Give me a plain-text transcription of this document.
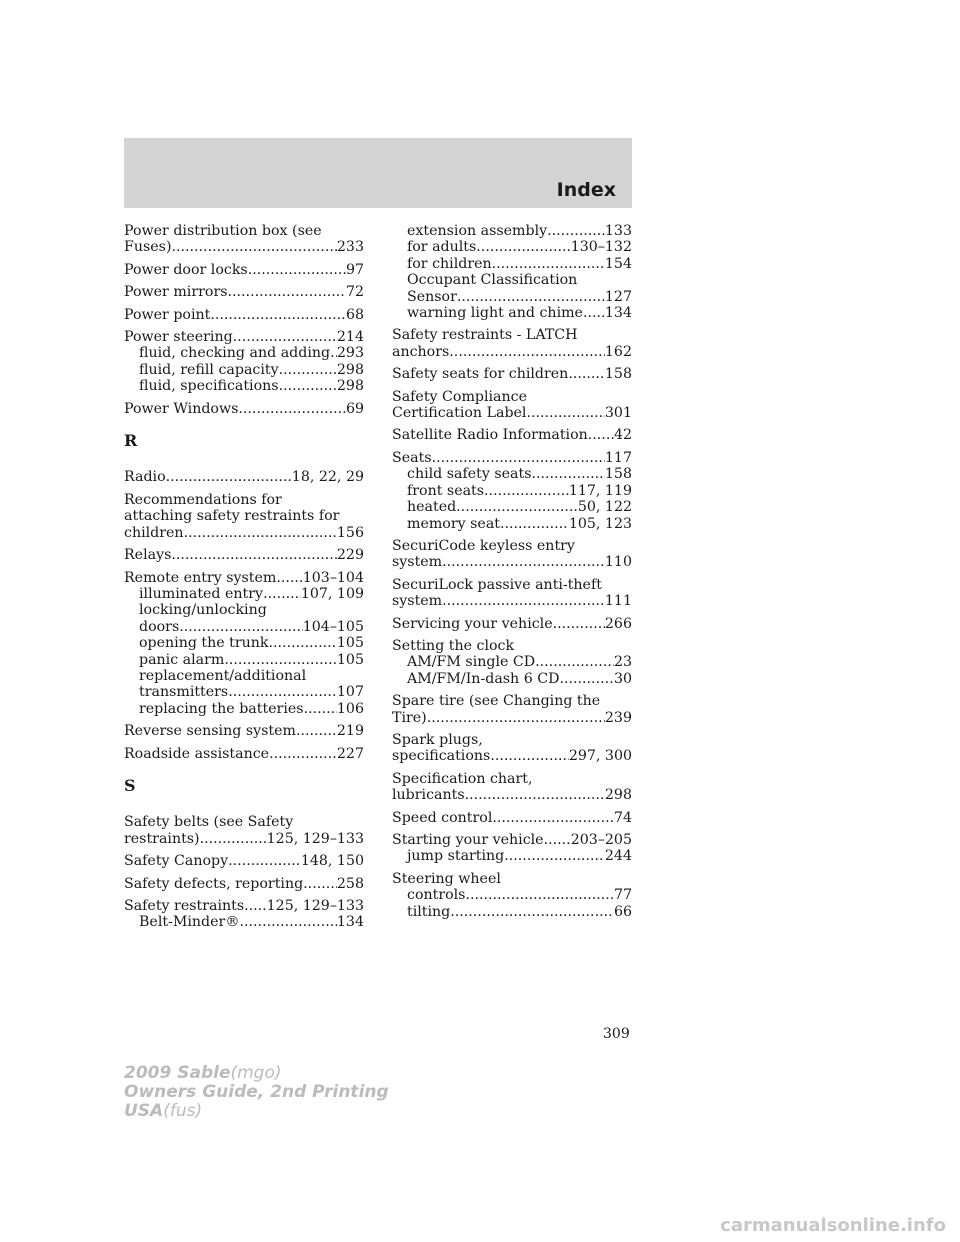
Index
Power distribution box (see
Fuses) .....	233
Power door locks .....	97
Power mirrors .....	72
Power point .....	68
Power steering .....	214
fluid, checking and adding ..... 293
fluid, refill capacity .....	298
fluid, specifications .....	298
Power Windows .....	69
R
Radio .....	18, 22, 29
Recommendations for
attaching safety restraints for
children .....	156
Relays .....	229
Remote entry system ..... 103–104
illuminated entry .....	107, 109
locking/unlocking
doors .....	104–105
opening the trunk .....	105
panic alarm .....	105
replacement/additional
transmitters .....	107
replacing the batteries ..... 106
Reverse sensing system .....	219
Roadside assistance .....	227
S
Safety belts (see Safety
restraints) .....	125, 129–133
Safety Canopy .....	148, 150
Safety defects, reporting ..... 258
Safety restraints ..... 125, 129–133
Belt-Minder® .....	134
extension assembly .....	133
for adults .....	130–132
for children .....	154
Occupant Classification
Sensor .....	127
warning light and chime ..... 134
Safety restraints - LATCH
anchors .....	162
Safety seats for children .....	158
Safety Compliance
Certification Label .....	301
Satellite Radio Information ..... 42
Seats .....	117
child safety seats .....	158
front seats .....	117, 119
heated .....	50, 122
memory seat .....	105, 123
SecuriCode keyless entry
system .....	110
SecuriLock passive anti-theft
system .....	111
Servicing your vehicle .....	266
Setting the clock
AM/FM single CD .....	23
AM/FM/In-dash 6 CD .....	30
Spare tire (see Changing the
Tire) .....	239
Spark plugs,
specifications .....	297, 300
Specification chart,
lubricants .....	298
Speed control .....	74
Starting your vehicle ..... 203–205
jump starting .....	244
Steering wheel
controls .....	77
tilting .....	66
309
2009 Sable(mgo)
Owners Guide, 2nd Printing
USA(fus)
carmanualsonline.info
